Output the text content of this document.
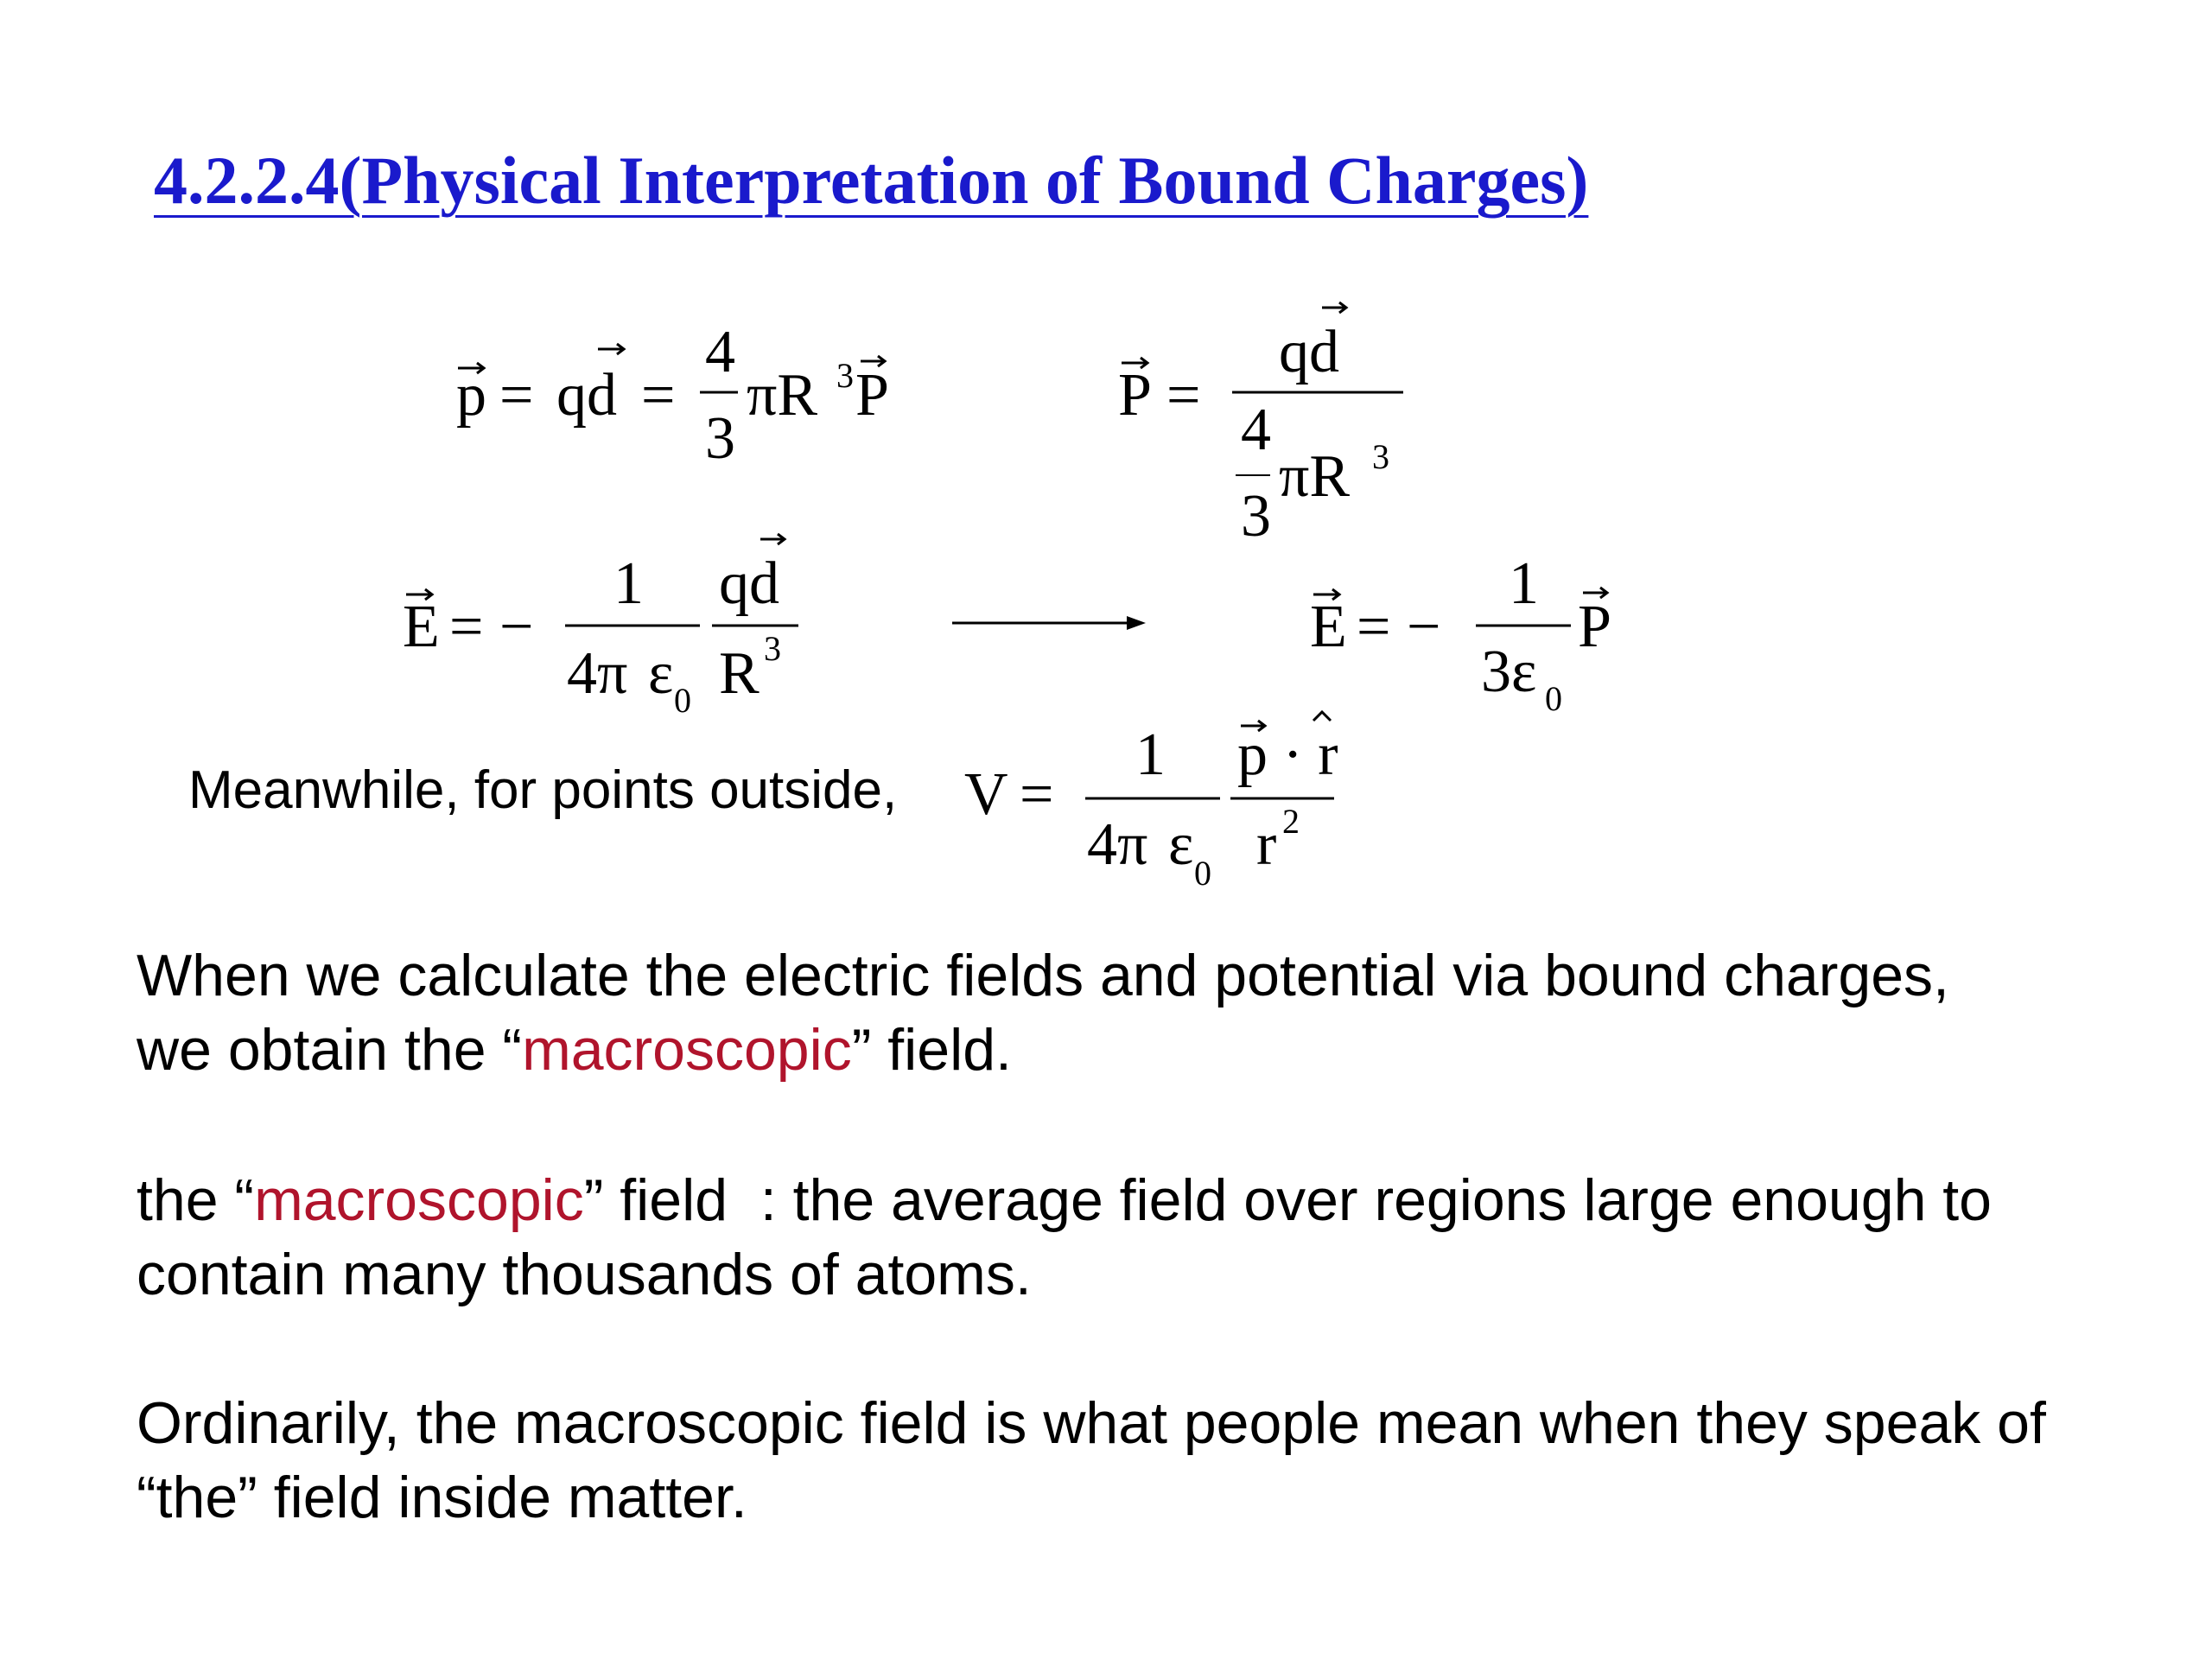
4.2.2.4(Physical Interpretation of Bound Charges)
p = qd =
4
3
πR 3 P	P =
qd
4
3
πR 3
E = −
1
4π ε 0
qd
R 3	E = −
1
3ε 0
P
Meanwhile, for points outside, V =
1
4π ε 0
p · r
r 2
When we calculate the electric fields and potential via bound charges,
we obtain the “macroscopic” field.
the “macroscopic” field  : the average field over regions large enough to contain many thousands of atoms.
Ordinarily, the macroscopic field is what people mean when they speak of “the” field inside matter.
